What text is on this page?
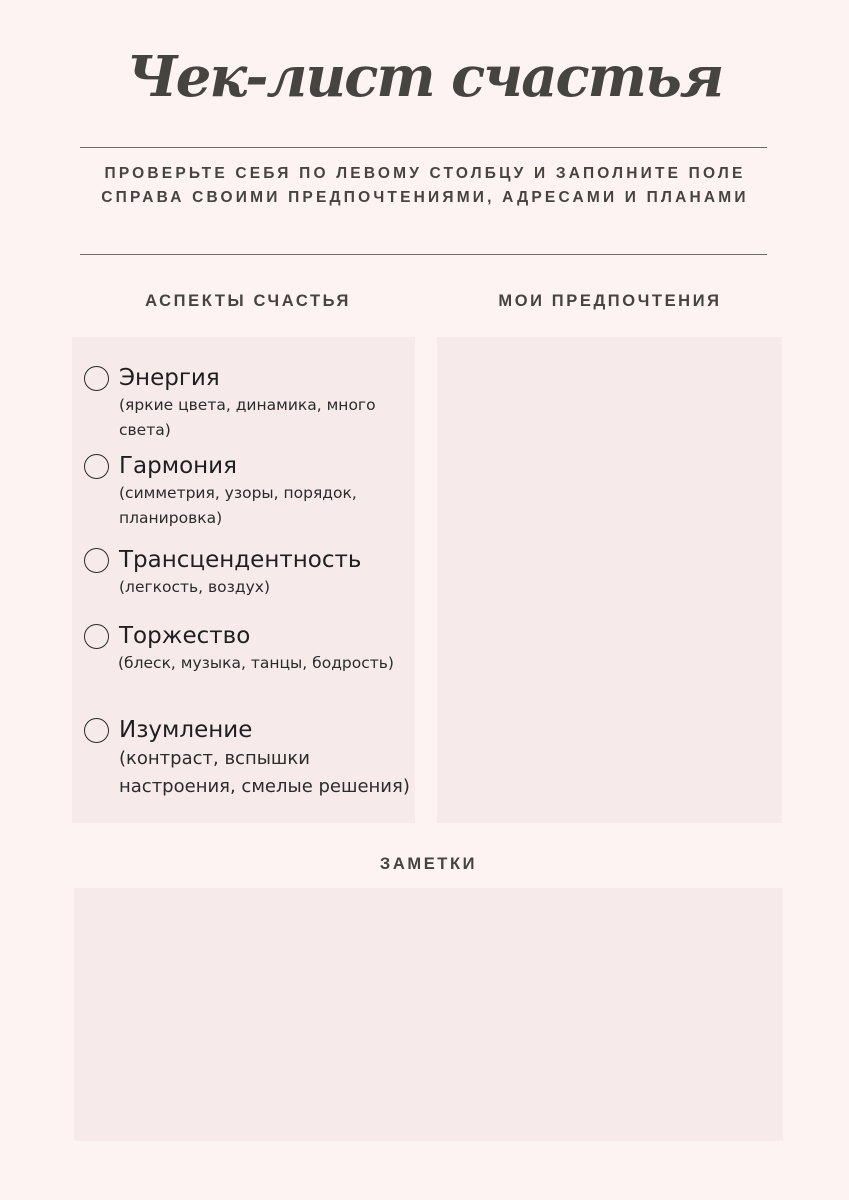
Чек-лист счастья
ПРОВЕРЬТЕ СЕБЯ ПО ЛЕВОМУ СТОЛБЦУ И ЗАПОЛНИТЕ ПОЛЕ СПРАВА СВОИМИ ПРЕДПОЧТЕНИЯМИ, АДРЕСАМИ И ПЛАНАМИ
АСПЕКТЫ СЧАСТЬЯ	МОИ ПРЕДПОЧТЕНИЯ
Энергия
(яркие цвета, динамика, много света)
Гармония
(симметрия, узоры, порядок, планировка)
Трансцендентность
(легкость, воздух)
Торжество
(блеск, музыка, танцы, бодрость)
Изумление
(контраст, вспышки настроения, смелые решения)
ЗАМЕТКИ
